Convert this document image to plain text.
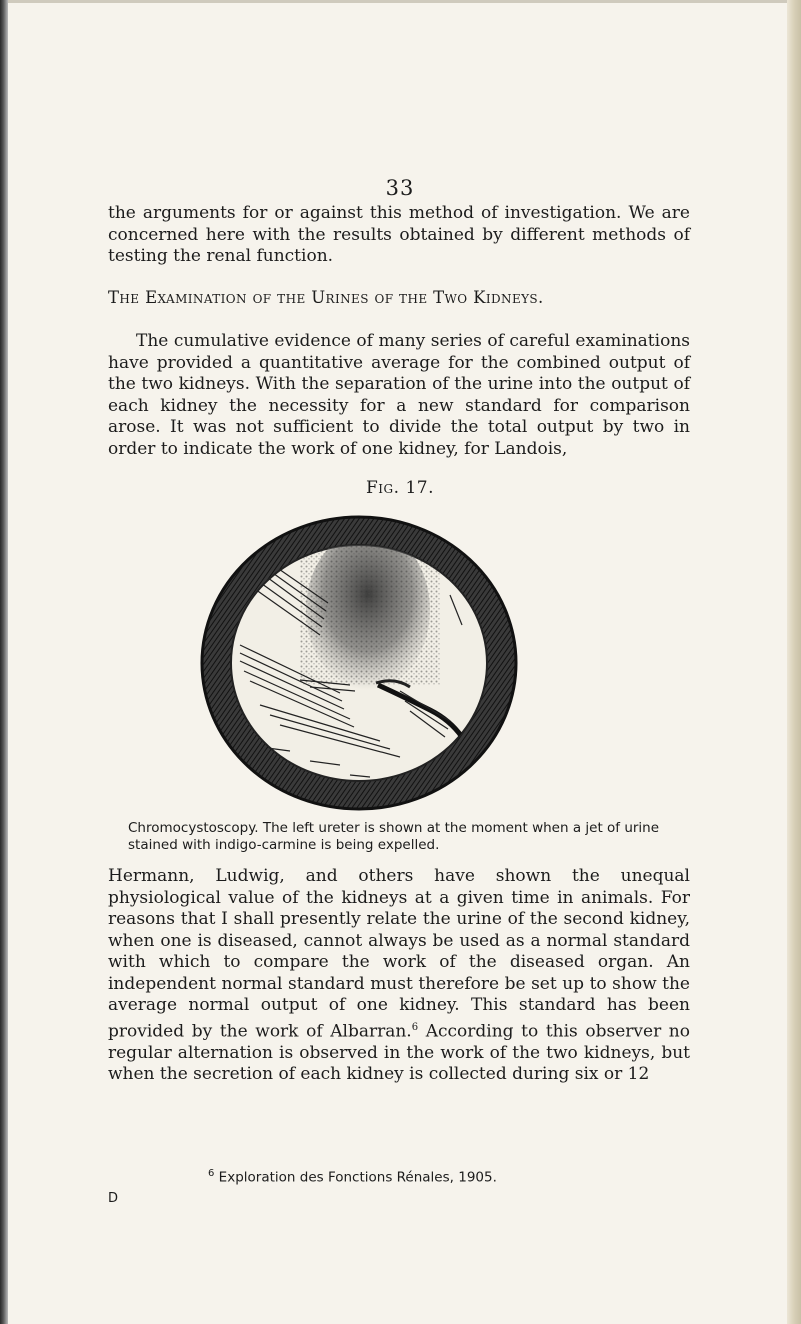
33

the arguments for or against this method of investigation. We are concerned here with the results obtained by different methods of testing the renal function.

The Examination of the Urines of the Two Kidneys.

The cumulative evidence of many series of careful examinations have provided a quantitative average for the combined output of the two kidneys. With the separation of the urine into the output of each kidney the necessity for a new standard for comparison arose. It was not sufficient to divide the total output by two in order to indicate the work of one kidney, for Landois,

Fig. 17.
Chromocystoscopy. The left ureter is shown at the moment when a jet of urine stained with indigo-carmine is being expelled.

Hermann, Ludwig, and others have shown the unequal physiological value of the kidneys at a given time in animals. For reasons that I shall presently relate the urine of the second kidney, when one is diseased, cannot always be used as a normal standard with which to compare the work of the diseased organ. An independent normal standard must therefore be set up to show the average normal output of one kidney. This standard has been provided by the work of Albarran.$^6$ According to this observer no regular alternation is observed in the work of the two kidneys, but when the secretion of each kidney is collected during six or 12

$^6$ Exploration des Fonctions Rénales, 1905.
D
